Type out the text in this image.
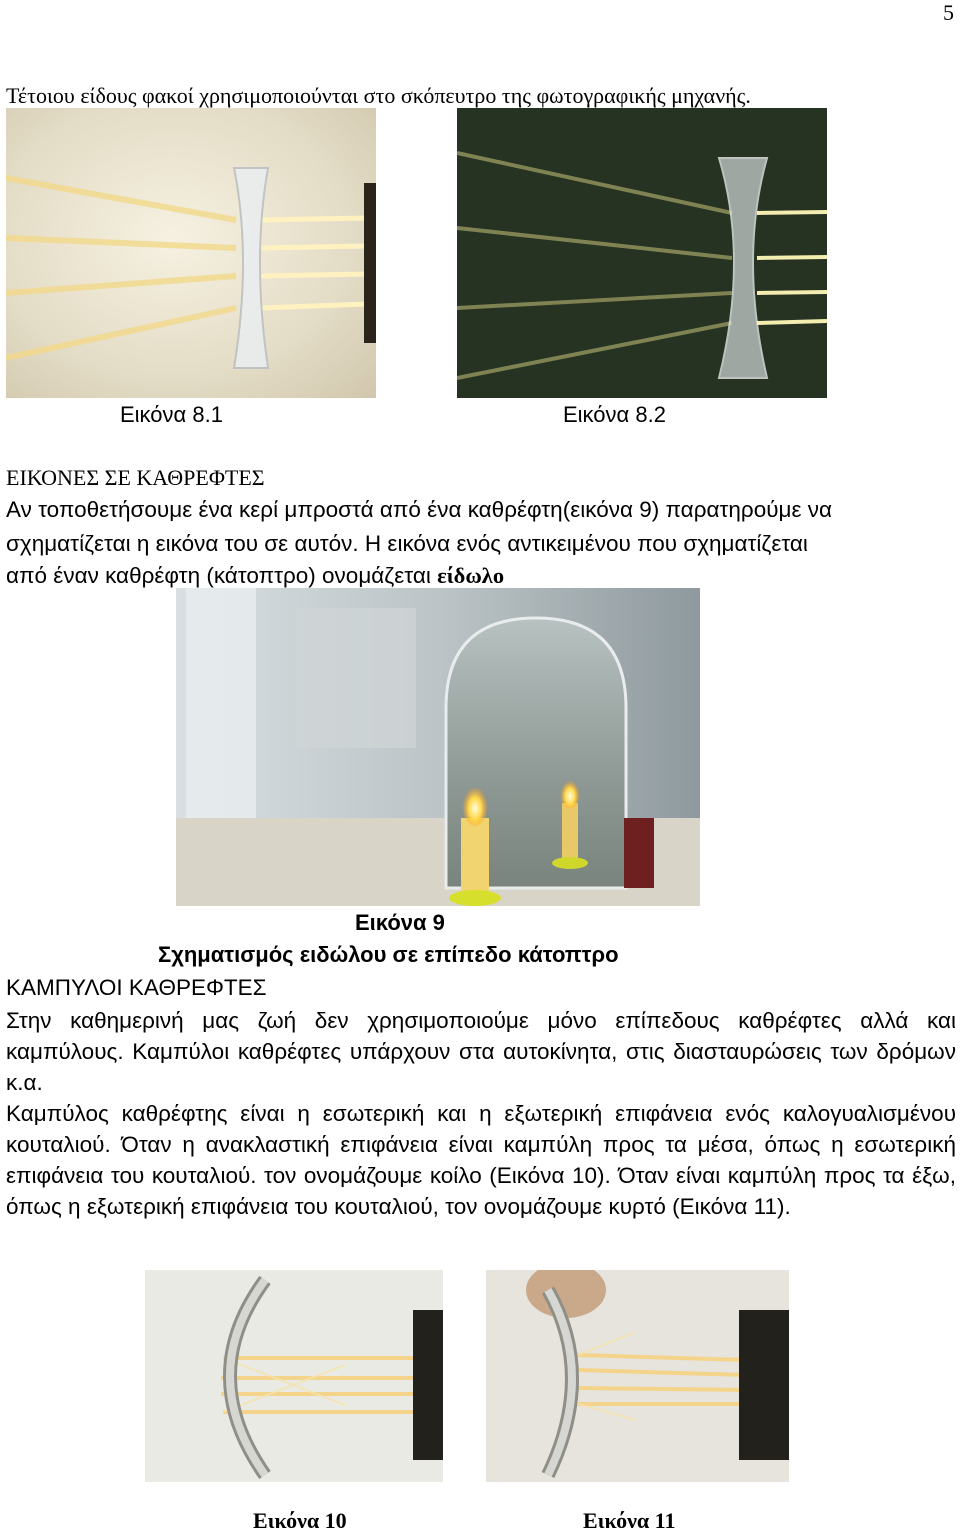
5
Τέτοιου είδους φακοί χρησιμοποιούνται στο σκόπευτρο της φωτογραφικής μηχανής.
Εικόνα 8.1	Εικόνα 8.2
ΕΙΚΟΝΕΣ ΣΕ ΚΑΘΡΕΦΤΕΣ
Αν τοποθετήσουμε ένα κερί μπροστά από ένα καθρέφτη(εικόνα 9) παρατηρούμε να
σχηματίζεται η εικόνα του σε αυτόν. Η εικόνα ενός αντικειμένου που σχηματίζεται
από έναν καθρέφτη (κάτοπτρο) ονομάζεται είδωλο
Εικόνα 9
Σχηματισμός ειδώλου σε επίπεδο κάτοπτρο
ΚΑΜΠΥΛΟΙ ΚΑΘΡΕΦΤΕΣ
Στην καθημερινή μας ζωή δεν χρησιμοποιούμε μόνο επίπεδους καθρέφτες αλλά και καμπύλους. Καμπύλοι καθρέφτες υπάρχουν στα αυτοκίνητα, στις διασταυρώσεις των δρόμων κ.α.
Καμπύλος καθρέφτης είναι η εσωτερική και η εξωτερική επιφάνεια ενός καλογυαλισμένου κουταλιού. Όταν η ανακλαστική επιφάνεια είναι καμπύλη προς τα μέσα, όπως η εσωτερική επιφάνεια του κουταλιού. τον ονομάζουμε κοίλο (Εικόνα 10). Όταν είναι καμπύλη προς τα έξω, όπως η εξωτερική επιφάνεια του κουταλιού, τον ονομάζουμε κυρτό (Εικόνα 11).
Εικόνα 10	Εικόνα 11
